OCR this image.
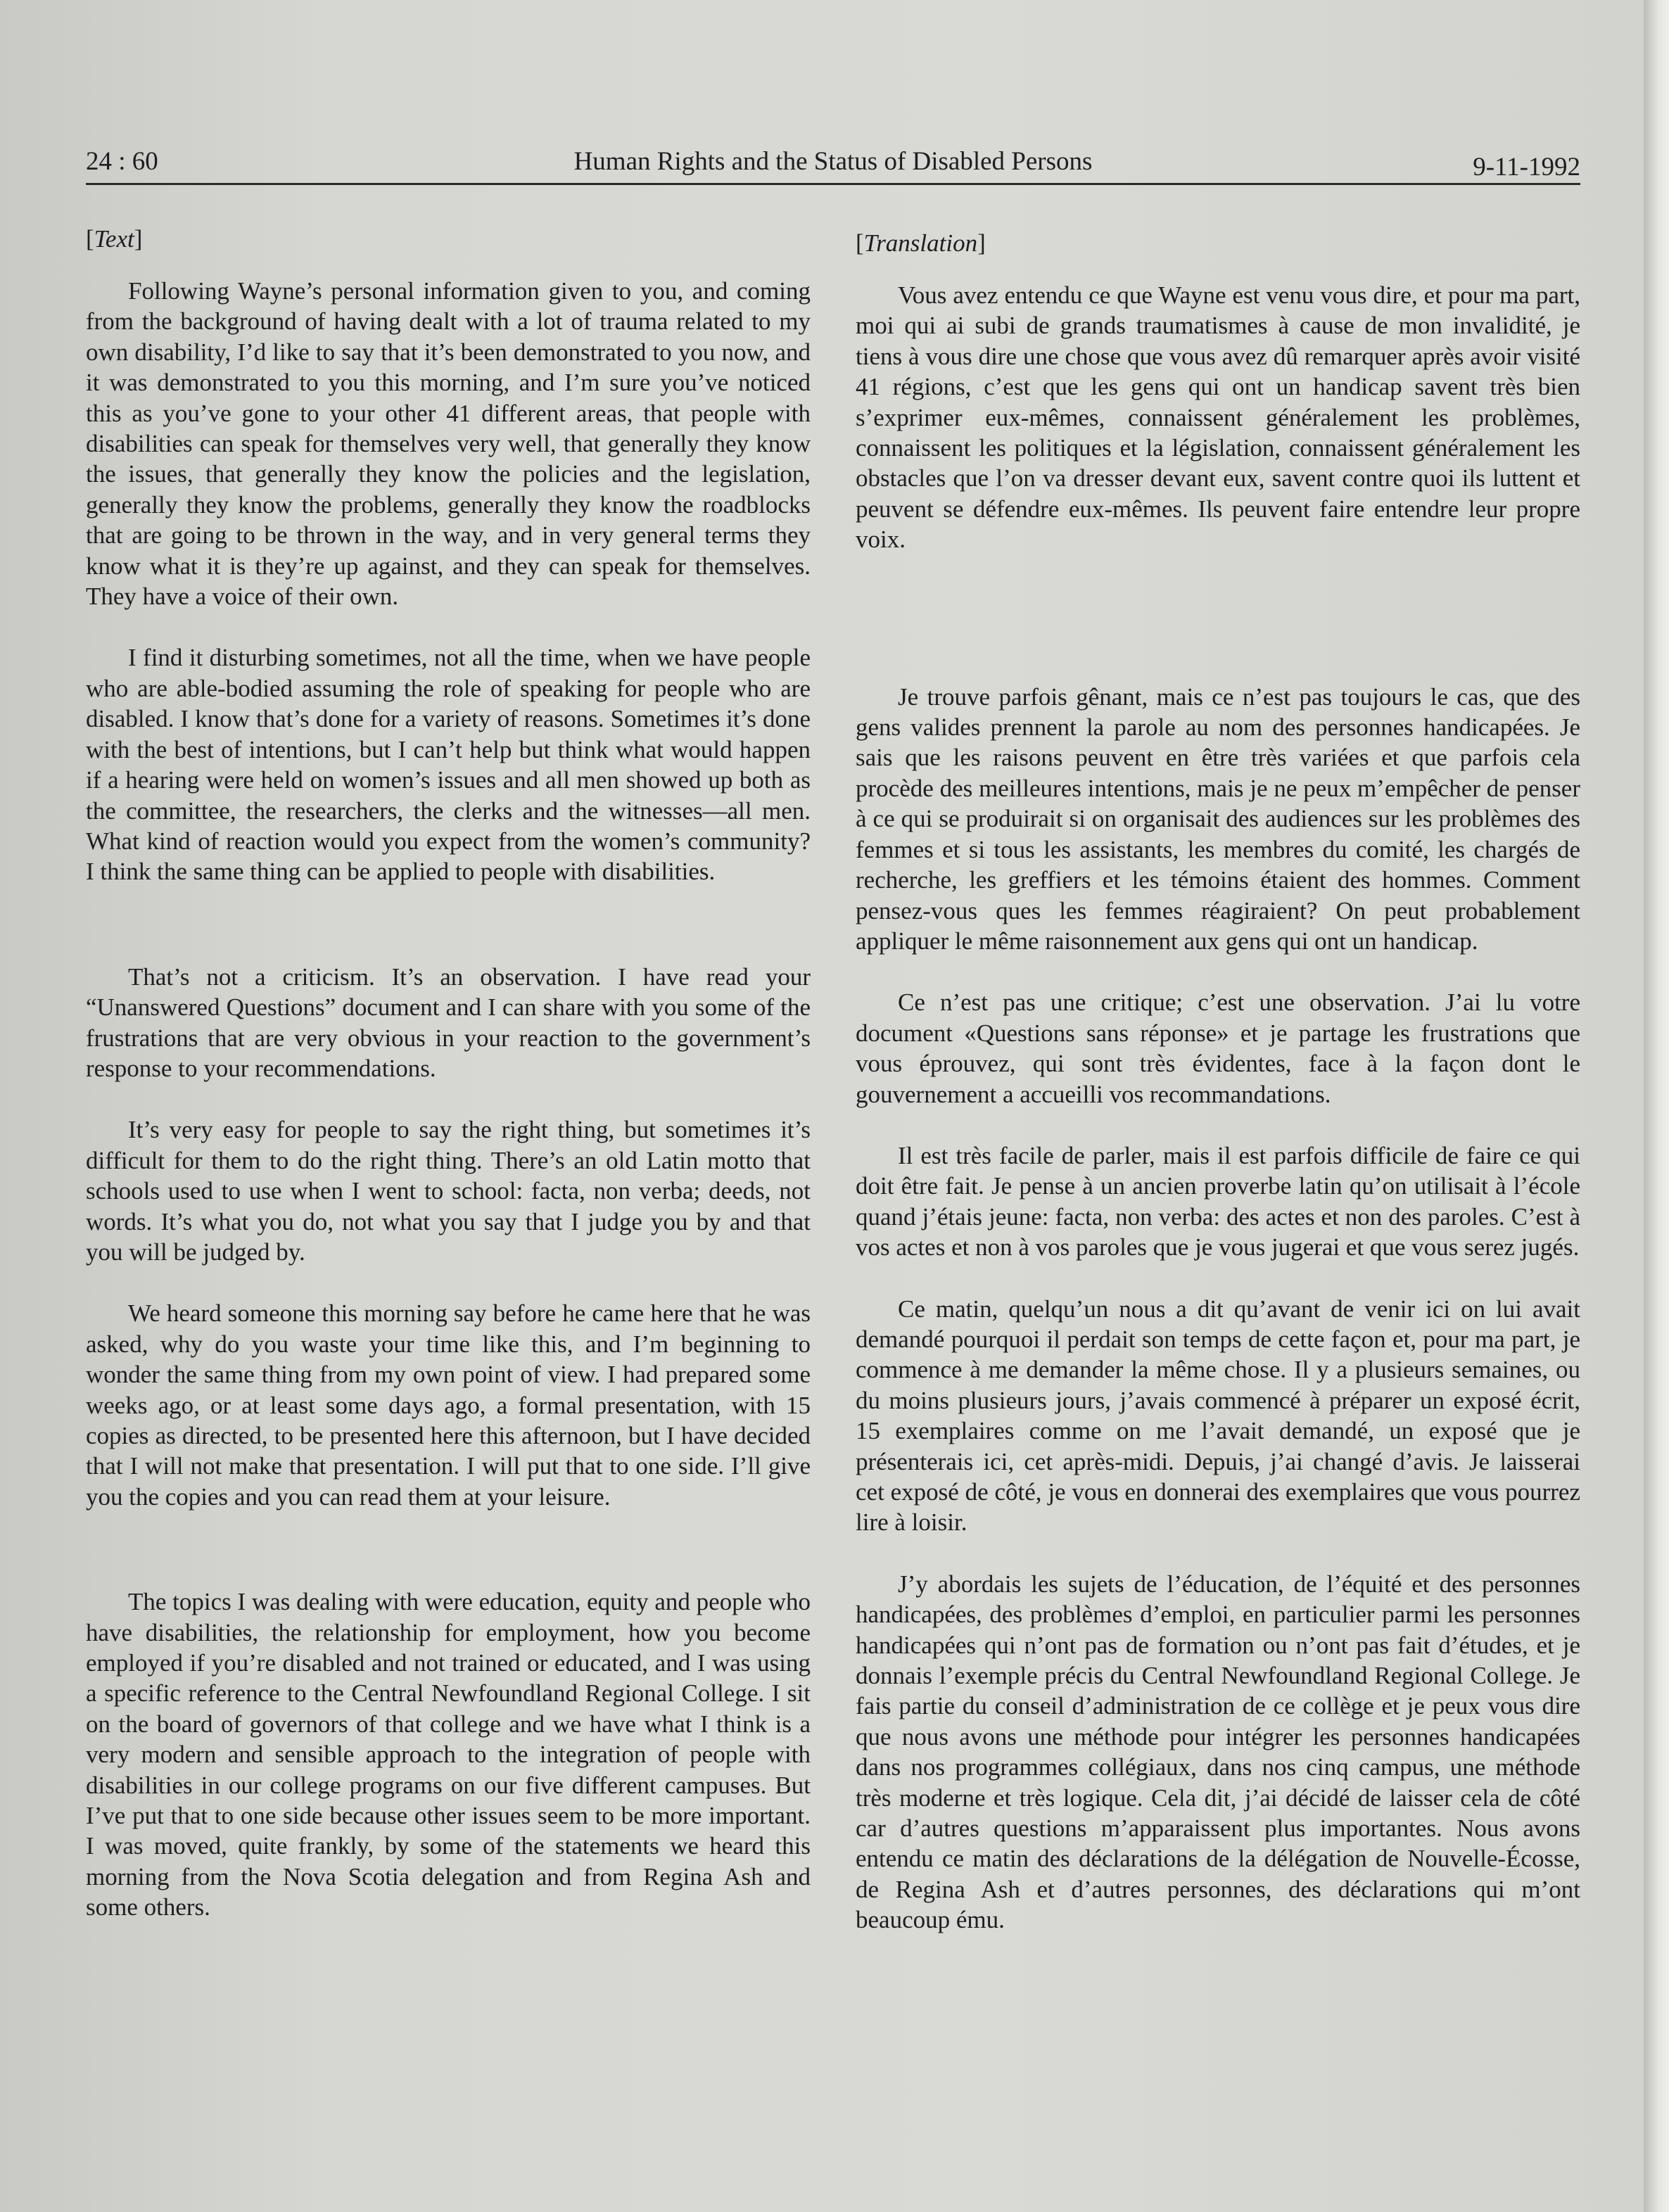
Human Rights and the Status of Disabled Persons
24 : 60	9-11-1992
[Text]

Following Wayne’s personal information given to you, and coming from the background of having dealt with a lot of trauma related to my own disability, I’d like to say that it’s been demonstrated to you now, and it was demonstrated to you this morning, and I’m sure you’ve noticed this as you’ve gone to your other 41 different areas, that people with disabilities can speak for themselves very well, that generally they know the issues, that generally they know the policies and the legislation, generally they know the problems, generally they know the roadblocks that are going to be thrown in the way, and in very general terms they know what it is they’re up against, and they can speak for themselves. They have a voice of their own.

I find it disturbing sometimes, not all the time, when we have people who are able-bodied assuming the role of speaking for people who are disabled. I know that’s done for a variety of reasons. Sometimes it’s done with the best of intentions, but I can’t help but think what would happen if a hearing were held on women’s issues and all men showed up both as the committee, the researchers, the clerks and the witnesses—all men. What kind of reaction would you expect from the women’s community? I think the same thing can be applied to people with disabilities.

That’s not a criticism. It’s an observation. I have read your “Unanswered Questions” document and I can share with you some of the frustrations that are very obvious in your reaction to the government’s response to your recommendations.

It’s very easy for people to say the right thing, but sometimes it’s difficult for them to do the right thing. There’s an old Latin motto that schools used to use when I went to school: facta, non verba; deeds, not words. It’s what you do, not what you say that I judge you by and that you will be judged by.

We heard someone this morning say before he came here that he was asked, why do you waste your time like this, and I’m beginning to wonder the same thing from my own point of view. I had prepared some weeks ago, or at least some days ago, a formal presentation, with 15 copies as directed, to be presented here this afternoon, but I have decided that I will not make that presentation. I will put that to one side. I’ll give you the copies and you can read them at your leisure.

The topics I was dealing with were education, equity and people who have disabilities, the relationship for employment, how you become employed if you’re disabled and not trained or educated, and I was using a specific reference to the Central Newfoundland Regional College. I sit on the board of governors of that college and we have what I think is a very modern and sensible approach to the integration of people with disabilities in our college programs on our five different campuses. But I’ve put that to one side because other issues seem to be more important. I was moved, quite frankly, by some of the statements we heard this morning from the Nova Scotia delegation and from Regina Ash and some others.

[Translation]

Vous avez entendu ce que Wayne est venu vous dire, et pour ma part, moi qui ai subi de grands traumatismes à cause de mon invalidité, je tiens à vous dire une chose que vous avez dû remarquer après avoir visité 41 régions, c’est que les gens qui ont un handicap savent très bien s’exprimer eux-mêmes, connaissent généralement les problèmes, connaissent les politiques et la législation, connaissent généralement les obstacles que l’on va dresser devant eux, savent contre quoi ils luttent et peuvent se défendre eux-mêmes. Ils peuvent faire entendre leur propre voix.

Je trouve parfois gênant, mais ce n’est pas toujours le cas, que des gens valides prennent la parole au nom des personnes handicapées. Je sais que les raisons peuvent en être très variées et que parfois cela procède des meilleures intentions, mais je ne peux m’empêcher de penser à ce qui se produirait si on organisait des audiences sur les problèmes des femmes et si tous les assistants, les membres du comité, les chargés de recherche, les greffiers et les témoins étaient des hommes. Comment pensez-vous ques les femmes réagiraient? On peut probablement appliquer le même raisonnement aux gens qui ont un handicap.

Ce n’est pas une critique; c’est une observation. J’ai lu votre document «Questions sans réponse» et je partage les frustrations que vous éprouvez, qui sont très évidentes, face à la façon dont le gouvernement a accueilli vos recommandations.

Il est très facile de parler, mais il est parfois difficile de faire ce qui doit être fait. Je pense à un ancien proverbe latin qu’on utilisait à l’école quand j’étais jeune: facta, non verba: des actes et non des paroles. C’est à vos actes et non à vos paroles que je vous jugerai et que vous serez jugés.

Ce matin, quelqu’un nous a dit qu’avant de venir ici on lui avait demandé pourquoi il perdait son temps de cette façon et, pour ma part, je commence à me demander la même chose. Il y a plusieurs semaines, ou du moins plusieurs jours, j’avais commencé à préparer un exposé écrit, 15 exemplaires comme on me l’avait demandé, un exposé que je présenterais ici, cet après-midi. Depuis, j’ai changé d’avis. Je laisserai cet exposé de côté, je vous en donnerai des exemplaires que vous pourrez lire à loisir.

J’y abordais les sujets de l’éducation, de l’équité et des personnes handicapées, des problèmes d’emploi, en particulier parmi les personnes handicapées qui n’ont pas de formation ou n’ont pas fait d’études, et je donnais l’exemple précis du Central Newfoundland Regional College. Je fais partie du conseil d’administration de ce collège et je peux vous dire que nous avons une méthode pour intégrer les personnes handicapées dans nos programmes collégiaux, dans nos cinq campus, une méthode très moderne et très logique. Cela dit, j’ai décidé de laisser cela de côté car d’autres questions m’apparaissent plus importantes. Nous avons entendu ce matin des déclarations de la délégation de Nouvelle-Écosse, de Regina Ash et d’autres personnes, des déclarations qui m’ont beaucoup ému.
